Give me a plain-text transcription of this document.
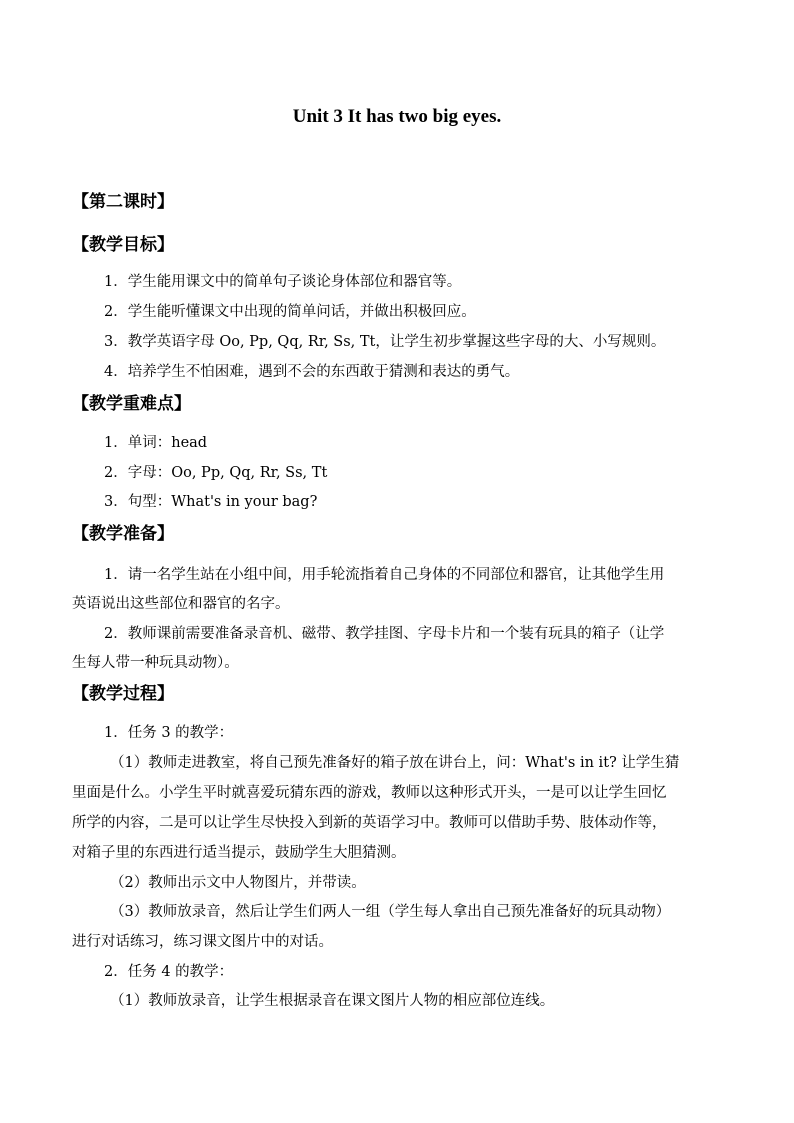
Unit 3 It has two big eyes.
【第二课时】
【教学目标】
1．学生能用课文中的简单句子谈论身体部位和器官等。
2．学生能听懂课文中出现的简单问话，并做出积极回应。
3．教学英语字母 Oo, Pp, Qq, Rr, Ss, Tt，让学生初步掌握这些字母的大、小写规则。
4．培养学生不怕困难，遇到不会的东西敢于猜测和表达的勇气。
【教学重难点】
1．单词：head
2．字母：Oo, Pp, Qq, Rr, Ss, Tt
3．句型：What's in your bag?
【教学准备】
1．请一名学生站在小组中间，用手轮流指着自己身体的不同部位和器官，让其他学生用
英语说出这些部位和器官的名字。
2．教师课前需要准备录音机、磁带、教学挂图、字母卡片和一个装有玩具的箱子（让学
生每人带一种玩具动物）。
【教学过程】
1．任务 3 的教学：
（1）教师走进教室，将自己预先准备好的箱子放在讲台上，问：What's in it? 让学生猜
里面是什么。小学生平时就喜爱玩猜东西的游戏，教师以这种形式开头，一是可以让学生回忆
所学的内容，二是可以让学生尽快投入到新的英语学习中。教师可以借助手势、肢体动作等，
对箱子里的东西进行适当提示，鼓励学生大胆猜测。
（2）教师出示文中人物图片，并带读。
（3）教师放录音，然后让学生们两人一组（学生每人拿出自己预先准备好的玩具动物）
进行对话练习，练习课文图片中的对话。
2．任务 4 的教学：
（1）教师放录音，让学生根据录音在课文图片人物的相应部位连线。
